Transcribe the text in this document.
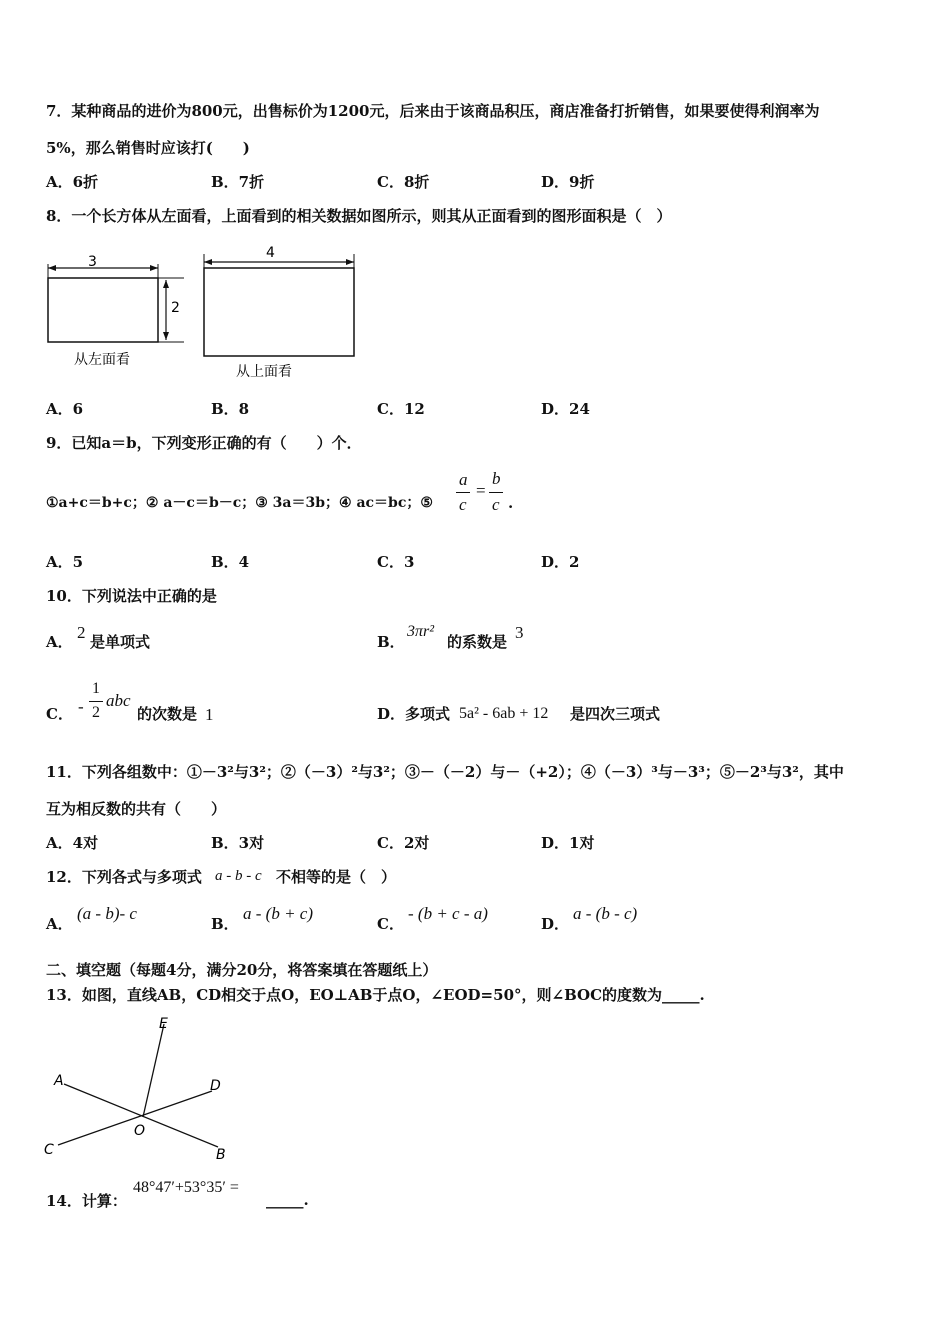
7．某种商品的进价为800元，出售标价为1200元，后来由于该商品积压，商店准备打折销售，如果要使得利润率为
5%，那么销售时应该打(　　)
A．6折	B．7折	C．8折	D．9折
8．一个长方体从左面看，上面看到的相关数据如图所示，则其从正面看到的图形面积是（　）
3
2
从左面看
4
从上面看
A．6	B．8	C．12	D．24
9．已知a＝b，下列变形正确的有（　　）个．
①a+c＝b+c；② a－c＝b－c；③ 3a＝3b；④ ac＝bc；⑤
a
c
=
b
c .
A．5	B．4	C．3	D．2
10．下列说法中正确的是
A． 2 是单项式	B．
3πr²
的系数是 3
C． -
1
2
abc
的次数是 1	D．多项式 5a² - 6ab + 12 是四次三项式
11．下列各组数中：①－3²与3²；②（－3）²与3²；③－（－2）与－（+2）；④（－3）³与－3³；⑤－2³与3²，其中
互为相反数的共有（　　）
A．4对	B．3对	C．2对	D．1对
12．下列各式与多项式 a - b - c 不相等的是（　）
A．
(a - b)- c
B．
a - (b + c)
C．
- (b + c - a)
D．
a - (b - c)
二、填空题（每题4分，满分20分，将答案填在答题纸上）
13．如图，直线AB，CD相交于点O，EO⊥AB于点O，∠EOD=50°，则∠BOC的度数为_____.
E
A	D
O
C	B
14．计算：
48°47′+53°35′ =
_____.
